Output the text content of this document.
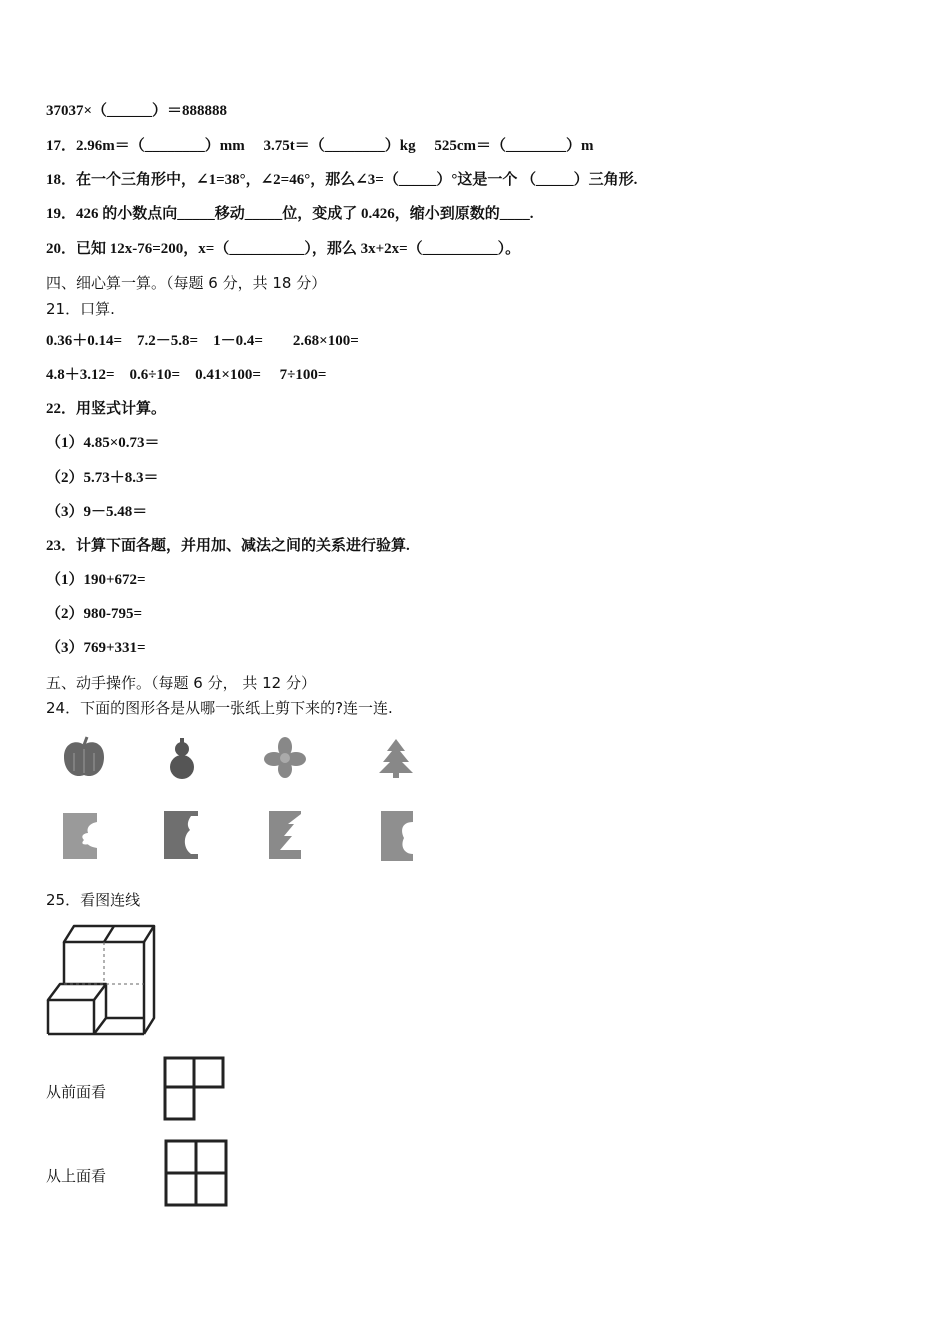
37037×（______）＝888888
17．2.96m＝（________）mm　 3.75t＝（________）kg　 525cm＝（________）m
18．在一个三角形中，∠1=38°，∠2=46°，那么∠3=（_____）°这是一个 （_____）三角形.
19．426 的小数点向_____移动_____位，变成了 0.426，缩小到原数的____.
20．已知 12x-76=200，x=（__________），那么 3x+2x=（__________）。
四、细心算一算。（每题 6 分，共 18 分）
21．口算.
0.36＋0.14=　7.2－5.8=　1－0.4=　　2.68×100=
4.8＋3.12=　0.6÷10=　0.41×100=　 7÷100=
22．用竖式计算。
（1）4.85×0.73＝
（2）5.73＋8.3＝
（3）9－5.48＝
23．计算下面各题，并用加、减法之间的关系进行验算.
（1）190+672=
（2）980-795=
（3）769+331=
五、动手操作。（每题 6 分， 共 12 分）
24．下面的图形各是从哪一张纸上剪下来的?连一连.
25．看图连线
从前面看
从上面看
